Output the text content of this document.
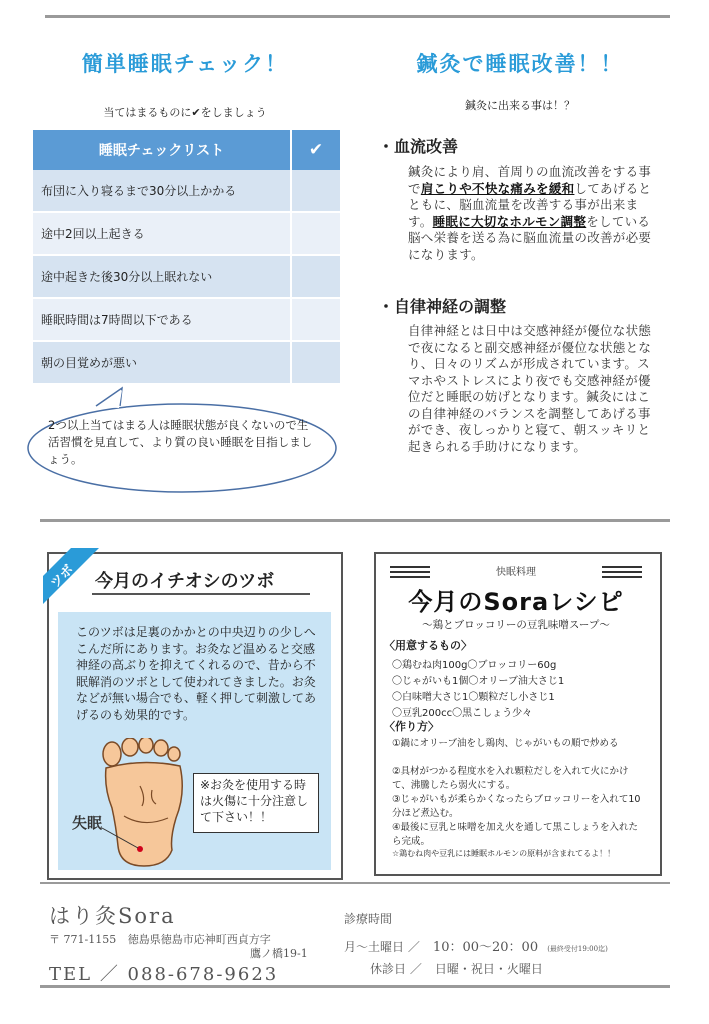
簡単睡眠チェック！
当てはまるものに✔をしましょう
睡眠チェックリスト	✔
布団に入り寝るまで30分以上かかる	
途中2回以上起きる	
途中起きた後30分以上眠れない	
睡眠時間は7時間以下である	
朝の目覚めが悪い	
2つ以上当てはまる人は睡眠状態が良くないので生活習慣を見直して、より質の良い睡眠を目指しましょう。
鍼灸で睡眠改善！！
鍼灸に出来る事は！？
・血流改善
鍼灸により肩、首周りの血流改善をする事で肩こりや不快な痛みを緩和してあげるとともに、脳血流量を改善する事が出来ます。睡眠に大切なホルモン調整をしている脳へ栄養を送る為に脳血流量の改善が必要になります。
・自律神経の調整
自律神経とは日中は交感神経が優位な状態で夜になると副交感神経が優位な状態となり、日々のリズムが形成されています。スマホやストレスにより夜でも交感神経が優位だと睡眠の妨げとなります。鍼灸にはこの自律神経のバランスを調整してあげる事ができ、夜しっかりと寝て、朝スッキリと起きられる手助けになります。
ツボ 今月のイチオシのツボ
このツボは足裏のかかとの中央辺りの少しへこんだ所にあります。お灸など温めると交感神経の高ぶりを抑えてくれるので、昔から不眠解消のツボとして使われてきました。お灸などが無い場合でも、軽く押して刺激してあげるのも効果的です。
失眠
※お灸を使用する時は火傷に十分注意して下さい！！
快眠料理
今月のSoraレシピ
～鶏とブロッコリーの豆乳味噌スープ～
〈用意するもの〉
〇鶏むね肉100g〇ブロッコリー60g
〇じゃがいも1個〇オリーブ油大さじ1
〇白味噌大さじ1〇顆粒だし小さじ1
〇豆乳200cc〇黒こしょう少々
〈作り方〉
①鍋にオリーブ油をし鶏肉、じゃがいもの順で炒める
②具材がつかる程度水を入れ顆粒だしを入れて火にかけて、沸騰したら弱火にする。
③じゃがいもが柔らかくなったらブロッコリーを入れて10分ほど煮込む。
④最後に豆乳と味噌を加え火を通して黒こしょうを入れたら完成。
☆鶏むね肉や豆乳には睡眠ホルモンの原料が含まれてるよ！！
はり灸Sora
〒 771-1155 徳島県徳島市応神町西貞方字
鷹ノ橋19-1
TEL ／ 088-678-9623
診療時間
月～土曜日 ／ 10：00～20：00 (最終受付19:00迄)
休診日 ／ 日曜・祝日・火曜日
